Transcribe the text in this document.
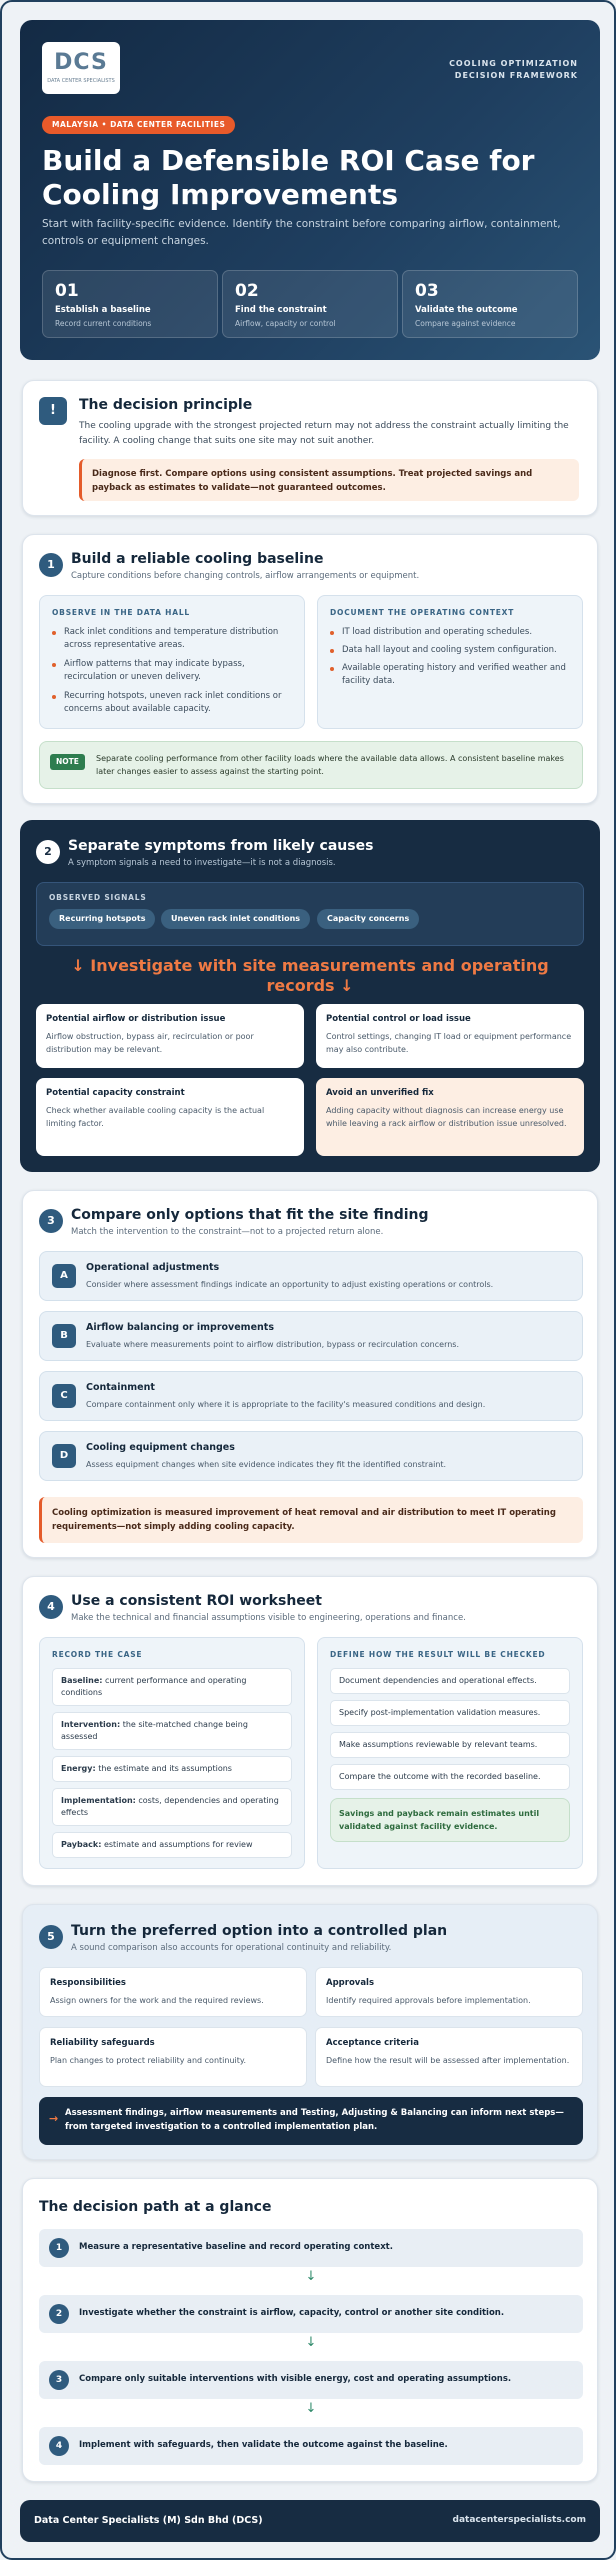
DCS
DATA CENTER SPECIALISTS
COOLING OPTIMIZATION
DECISION FRAMEWORK
MALAYSIA • DATA CENTER FACILITIES
Build a Defensible ROI Case for Cooling Improvements
Start with facility-specific evidence. Identify the constraint before comparing airflow, containment, controls or equipment changes.
01
Establish a baseline
Record current conditions
02
Find the constraint
Airflow, capacity or control
03
Validate the outcome
Compare against evidence
!	The decision principle
The cooling upgrade with the strongest projected return may not address the constraint actually limiting the facility. A cooling change that suits one site may not suit another.
Diagnose first. Compare options using consistent assumptions. Treat projected savings and payback as estimates to validate—not guaranteed outcomes.
1	Build a reliable cooling baseline
Capture conditions before changing controls, airflow arrangements or equipment.
OBSERVE IN THE DATA HALL
Rack inlet conditions and temperature distribution across representative areas.
Airflow patterns that may indicate bypass, recirculation or uneven delivery.
Recurring hotspots, uneven rack inlet conditions or concerns about available capacity.
DOCUMENT THE OPERATING CONTEXT
IT load distribution and operating schedules.
Data hall layout and cooling system configuration.
Available operating history and verified weather and facility data.
NOTE	Separate cooling performance from other facility loads where the available data allows. A consistent baseline makes later changes easier to assess against the starting point.
2	Separate symptoms from likely causes
A symptom signals a need to investigate—it is not a diagnosis.
OBSERVED SIGNALS
Recurring hotspots	Uneven rack inlet conditions	Capacity concerns
↓ Investigate with site measurements and operating records ↓
Potential airflow or distribution issue
Airflow obstruction, bypass air, recirculation or poor distribution may be relevant.
Potential control or load issue
Control settings, changing IT load or equipment performance may also contribute.
Potential capacity constraint
Check whether available cooling capacity is the actual limiting factor.
Avoid an unverified fix
Adding capacity without diagnosis can increase energy use while leaving a rack airflow or distribution issue unresolved.
3	Compare only options that fit the site finding
Match the intervention to the constraint—not to a projected return alone.
A
Operational adjustments
Consider where assessment findings indicate an opportunity to adjust existing operations or controls.
B
Airflow balancing or improvements
Evaluate where measurements point to airflow distribution, bypass or recirculation concerns.
C
Containment
Compare containment only where it is appropriate to the facility's measured conditions and design.
D
Cooling equipment changes
Assess equipment changes when site evidence indicates they fit the identified constraint.
Cooling optimization is measured improvement of heat removal and air distribution to meet IT operating requirements—not simply adding cooling capacity.
4	Use a consistent ROI worksheet
Make the technical and financial assumptions visible to engineering, operations and finance.
RECORD THE CASE
Baseline: current performance and operating conditions
Intervention: the site-matched change being assessed
Energy: the estimate and its assumptions
Implementation: costs, dependencies and operating effects
Payback: estimate and assumptions for review
DEFINE HOW THE RESULT WILL BE CHECKED
Document dependencies and operational effects.
Specify post-implementation validation measures.
Make assumptions reviewable by relevant teams.
Compare the outcome with the recorded baseline.
Savings and payback remain estimates until validated against facility evidence.
5	Turn the preferred option into a controlled plan
A sound comparison also accounts for operational continuity and reliability.
Responsibilities
Assign owners for the work and the required reviews.
Approvals
Identify required approvals before implementation.
Reliability safeguards
Plan changes to protect reliability and continuity.
Acceptance criteria
Define how the result will be assessed after implementation.
→ Assessment findings, airflow measurements and Testing, Adjusting & Balancing can inform next steps—from targeted investigation to a controlled implementation plan.
The decision path at a glance
1	Measure a representative baseline and record operating context.
↓
2	Investigate whether the constraint is airflow, capacity, control or another site condition.
↓
3	Compare only suitable interventions with visible energy, cost and operating assumptions.
↓
4	Implement with safeguards, then validate the outcome against the baseline.
Data Center Specialists (M) Sdn Bhd (DCS)	datacenterspecialists.com
